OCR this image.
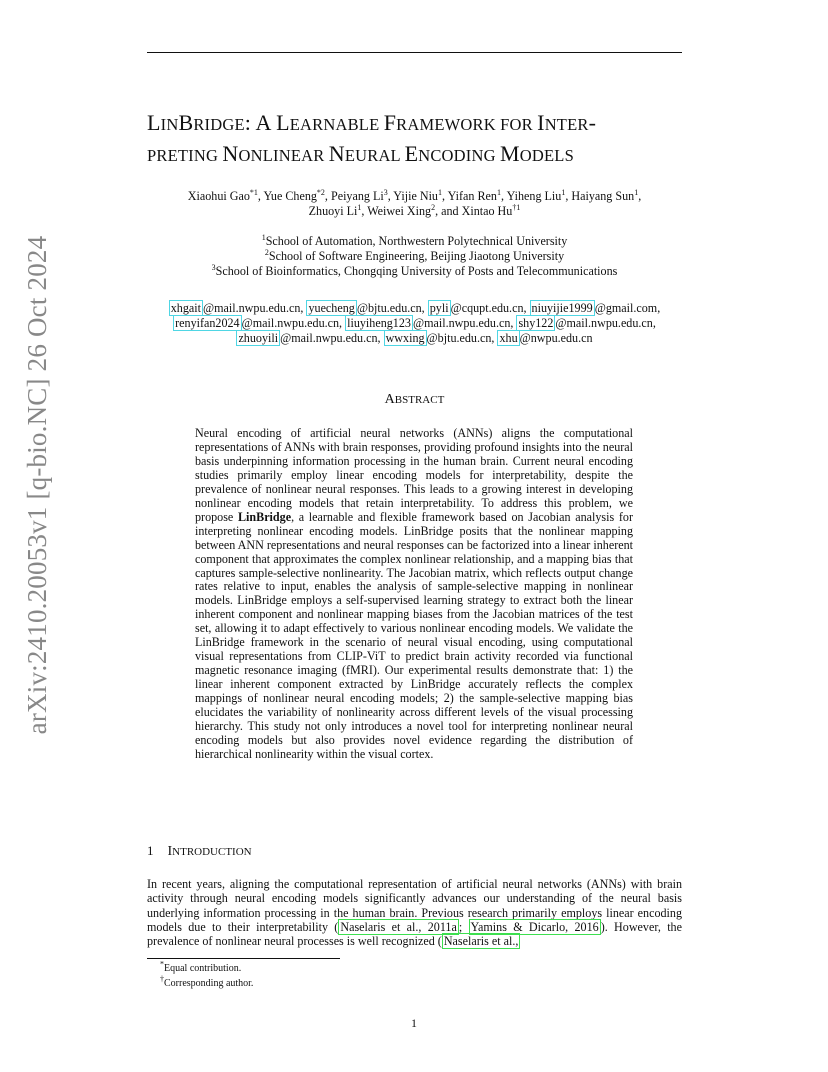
arXiv:2410.20053v1 [q-bio.NC] 26 Oct 2024
LINBRIDGE: A LEARNABLE FRAMEWORK FOR INTER-
PRETING NONLINEAR NEURAL ENCODING MODELS
Xiaohui Gao$^{*1}$, Yue Cheng$^{*2}$, Peiyang Li$^3$, Yijie Niu$^1$, Yifan Ren$^1$, Yiheng Liu$^1$, Haiyang Sun$^1$,
Zhuoyi Li$^1$, Weiwei Xing$^2$, and Xintao Hu$^{\dagger 1}$
$^1$School of Automation, Northwestern Polytechnical University
$^2$School of Software Engineering, Beijing Jiaotong University
$^3$School of Bioinformatics, Chongqing University of Posts and Telecommunications
xhgait @mail.nwpu.edu.cn, yuecheng @bjtu.edu.cn, pyli @cqupt.edu.cn, niuyijie1999 @gmail.com,
renyifan2024 @mail.nwpu.edu.cn, liuyiheng123 @mail.nwpu.edu.cn, shy122 @mail.nwpu.edu.cn,
zhuoyili @mail.nwpu.edu.cn, wwxing @bjtu.edu.cn, xhu @nwpu.edu.cn
ABSTRACT
Neural encoding of artificial neural networks (ANNs) aligns the computational representations of ANNs with brain responses, providing profound insights into the neural basis underpinning information processing in the human brain. Current neural encoding studies primarily employ linear encoding models for interpretability, despite the prevalence of nonlinear neural responses. This leads to a growing interest in developing nonlinear encoding models that retain interpretability. To address this problem, we propose LinBridge, a learnable and flexible framework based on Jacobian analysis for interpreting nonlinear encoding models. LinBridge posits that the nonlinear mapping between ANN representations and neural responses can be factorized into a linear inherent component that approximates the complex nonlinear relationship, and a mapping bias that captures sample-selective nonlinearity. The Jacobian matrix, which reflects output change rates relative to input, enables the analysis of sample-selective mapping in nonlinear models. LinBridge employs a self-supervised learning strategy to extract both the linear inherent component and nonlinear mapping biases from the Jacobian matrices of the test set, allowing it to adapt effectively to various nonlinear encoding models. We validate the LinBridge framework in the scenario of neural visual encoding, using computational visual representations from CLIP-ViT to predict brain activity recorded via functional magnetic resonance imaging (fMRI). Our experimental results demonstrate that: 1) the linear inherent component extracted by LinBridge accurately reflects the complex mappings of nonlinear neural encoding models; 2) the sample-selective mapping bias elucidates the variability of nonlinearity across different levels of the visual processing hierarchy. This study not only introduces a novel tool for interpreting nonlinear neural encoding models but also provides novel evidence regarding the distribution of hierarchical nonlinearity within the visual cortex.
1 INTRODUCTION
In recent years, aligning the computational representation of artificial neural networks (ANNs) with brain activity through neural encoding models significantly advances our understanding of the neural basis underlying information processing in the human brain. Previous research primarily employs linear encoding models due to their interpretability ( Naselaris et al., 2011a ; Yamins & Dicarlo, 2016 ). However, the prevalence of nonlinear neural processes is well recognized ( Naselaris et al.,
*Equal contribution.
†Corresponding author.
1
